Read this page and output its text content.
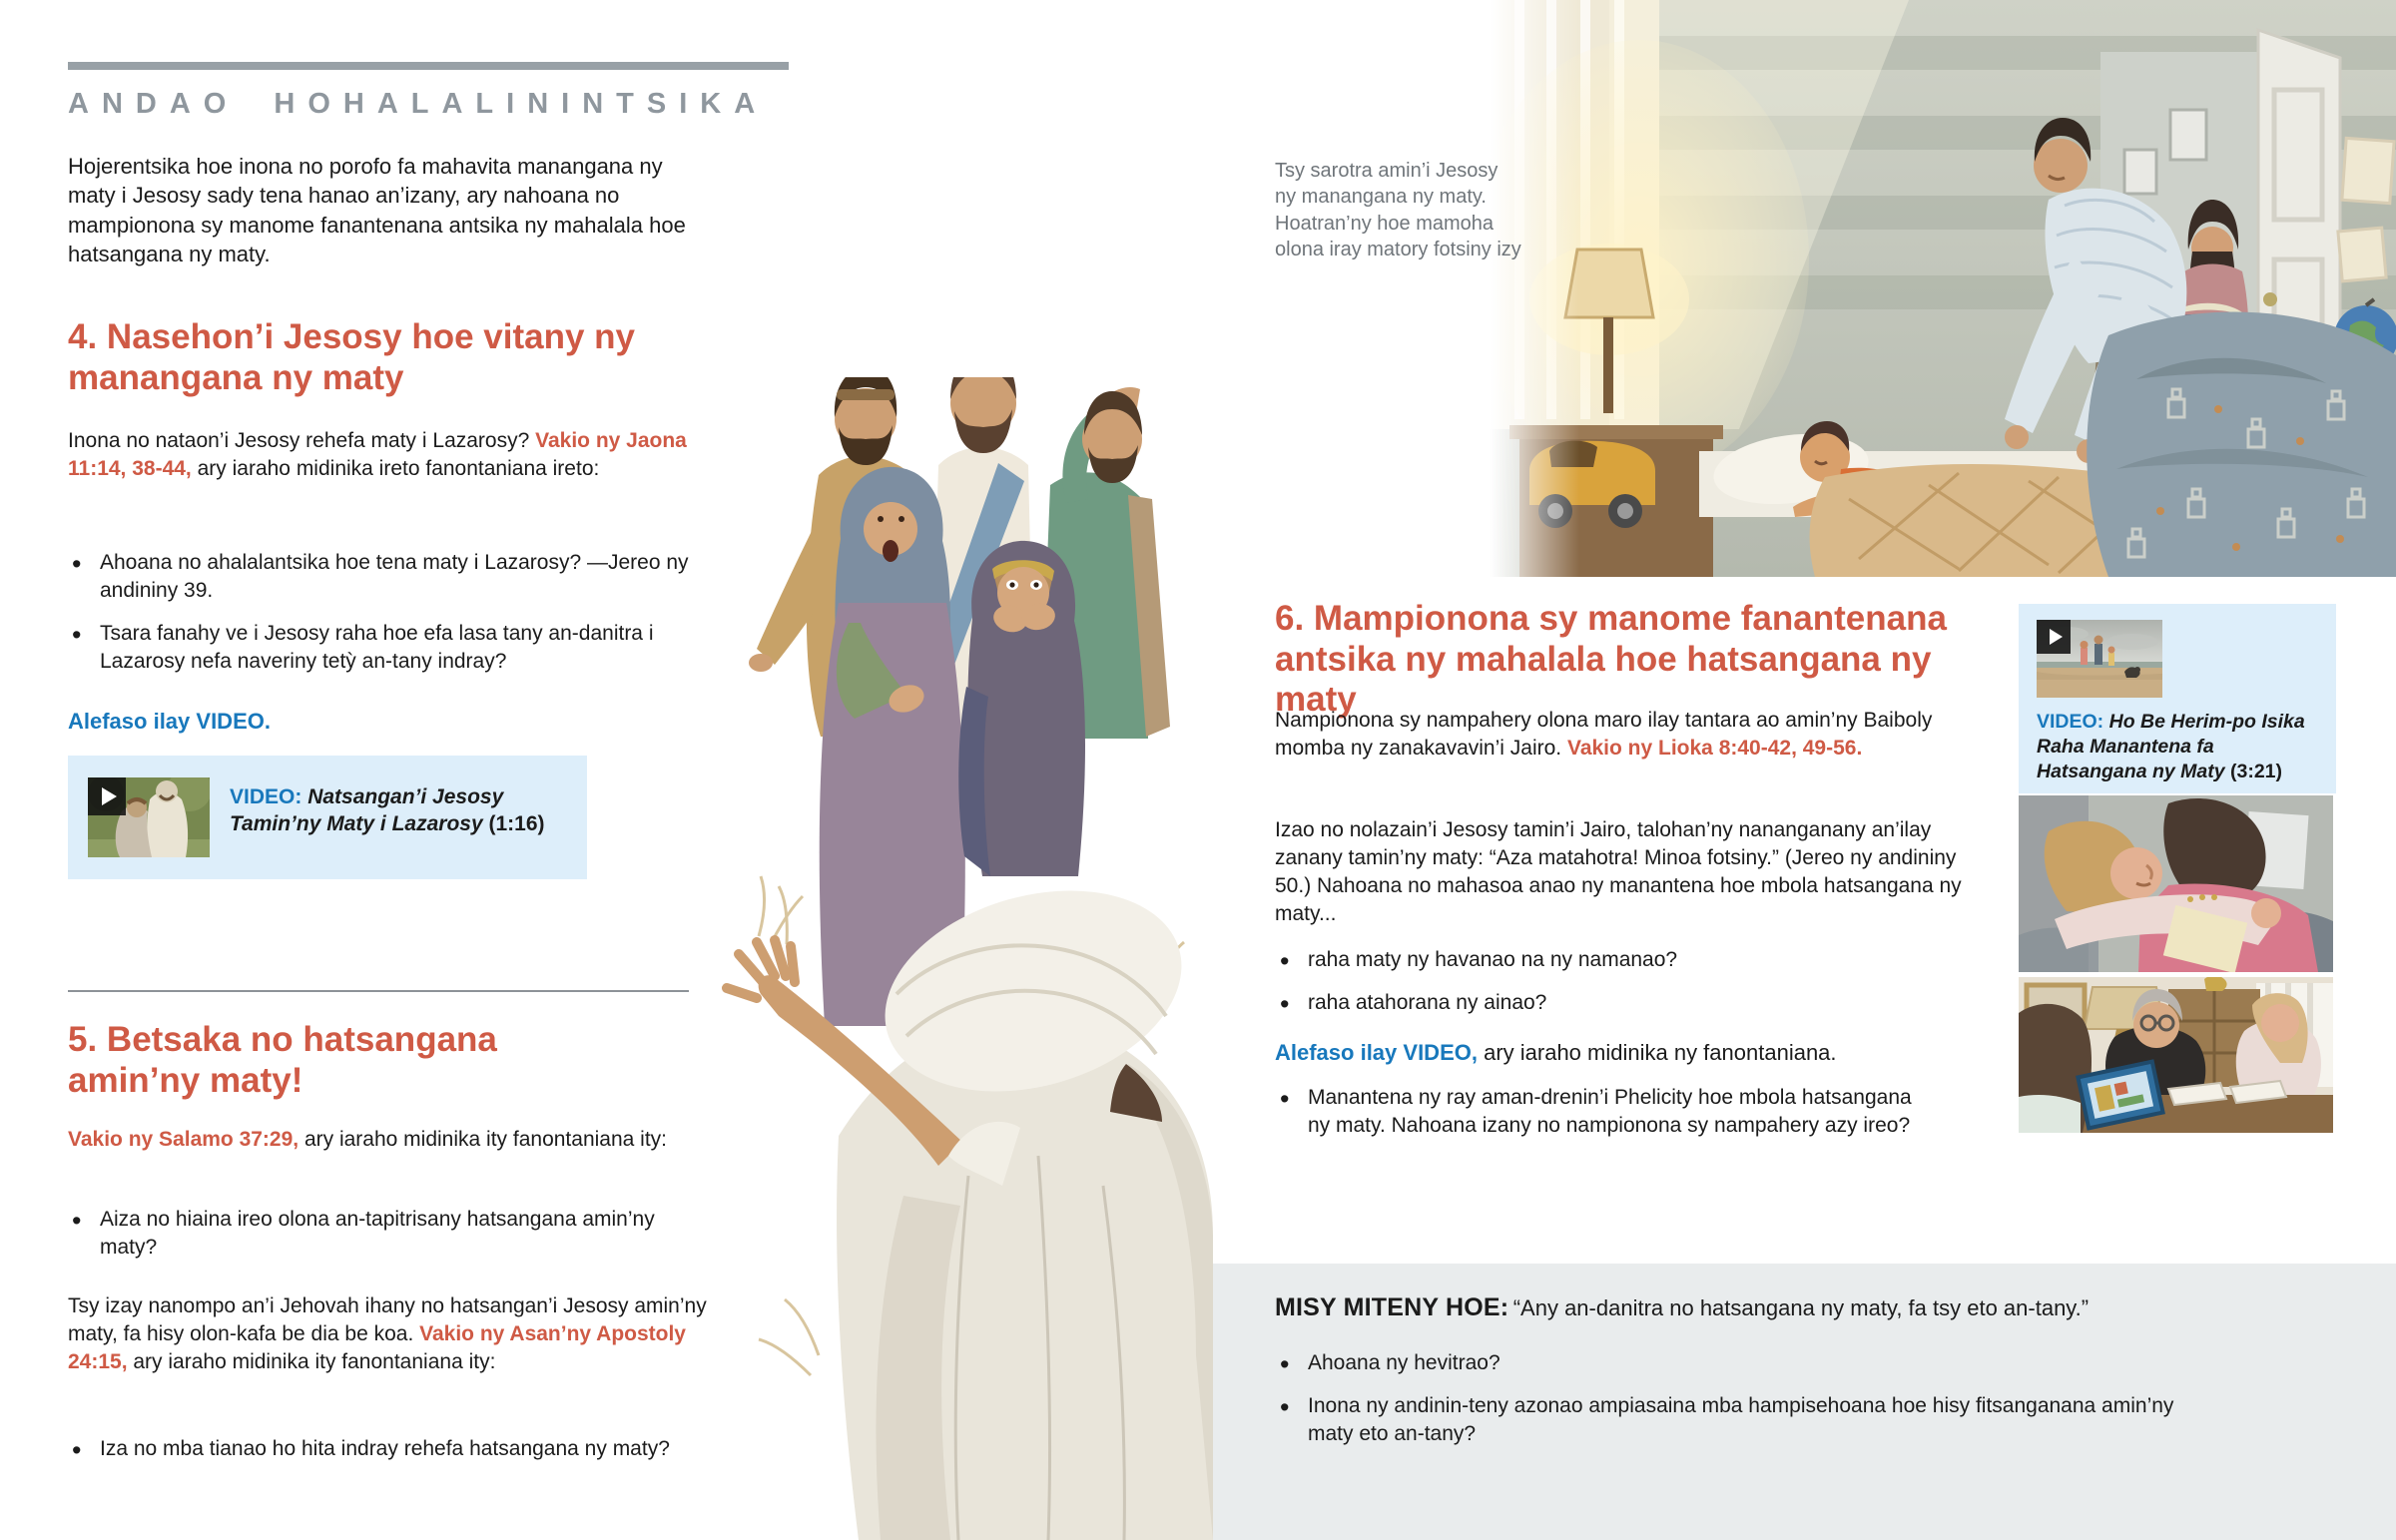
ANDAO HOHALALININTSIKA

Hojerentsika hoe inona no porofo fa mahavita manangana ny maty i Jesosy sady tena hanao an’izany, ary nahoana no mampionona sy manome fanantenana antsika ny mahalala hoe hatsangana ny maty.

4. Nasehon’i Jesosy hoe vitany ny manangana ny maty

Inona no nataon’i Jesosy rehefa maty i Lazarosy? Vakio ny Jaona 11:14, 38-44, ary iaraho midinika ireto fanontaniana ireto:

• Ahoana no ahalalantsika hoe tena maty i Lazarosy? —Jereo ny andininy 39.
• Tsara fanahy ve i Jesosy raha hoe efa lasa tany an-danitra i Lazarosy nefa naveriny tetỳ an-tany indray?

Alefaso ilay VIDEO.

VIDEO: Natsangan’i Jesosy Tamin’ny Maty i Lazarosy (1:16)

5. Betsaka no hatsangana amin’ny maty!

Vakio ny Salamo 37:29, ary iaraho midinika ity fanontaniana ity:

• Aiza no hiaina ireo olona an-tapitrisany hatsangana amin’ny maty?

Tsy izay nanompo an’i Jehovah ihany no hatsangan’i Jesosy amin’ny maty, fa hisy olon-kafa be dia be koa. Vakio ny Asan’ny Apostoly 24:15, ary iaraho midinika ity fanontaniana ity:

• Iza no mba tianao ho hita indray rehefa hatsangana ny maty?

Tsy sarotra amin’i Jesosy ny manangana ny maty. Hoatran’ny hoe mamoha olona iray matory fotsiny izy

6. Mampionona sy manome fanantenana antsika ny mahalala hoe hatsangana ny maty

Nampionona sy nampahery olona maro ilay tantara ao amin’ny Baiboly momba ny zanakavavin’i Jairo. Vakio ny Lioka 8:40-42, 49-56.

Izao no nolazain’i Jesosy tamin’i Jairo, talohan’ny nananganany an’ilay zanany tamin’ny maty: “Aza matahotra! Minoa fotsiny.” (Jereo ny andininy 50.) Nahoana no mahasoa anao ny manantena hoe mbola hatsangana ny maty...

• raha maty ny havanao na ny namanao?
• raha atahorana ny ainao?

Alefaso ilay VIDEO, ary iaraho midinika ny fanontaniana.

• Manantena ny ray aman-drenin’i Phelicity hoe mbola hatsangana ny maty. Nahoana izany no nampionona sy nampahery azy ireo?

VIDEO: Ho Be Herim-po Isika Raha Manantena fa Hatsangana ny Maty (3:21)

MISY MITENY HOE: “Any an-danitra no hatsangana ny maty, fa tsy eto an-tany.”

• Ahoana ny hevitrao?
• Inona ny andinin-teny azonao ampiasaina mba hampisehoana hoe hisy fitsanganana amin’ny maty eto an-tany?
